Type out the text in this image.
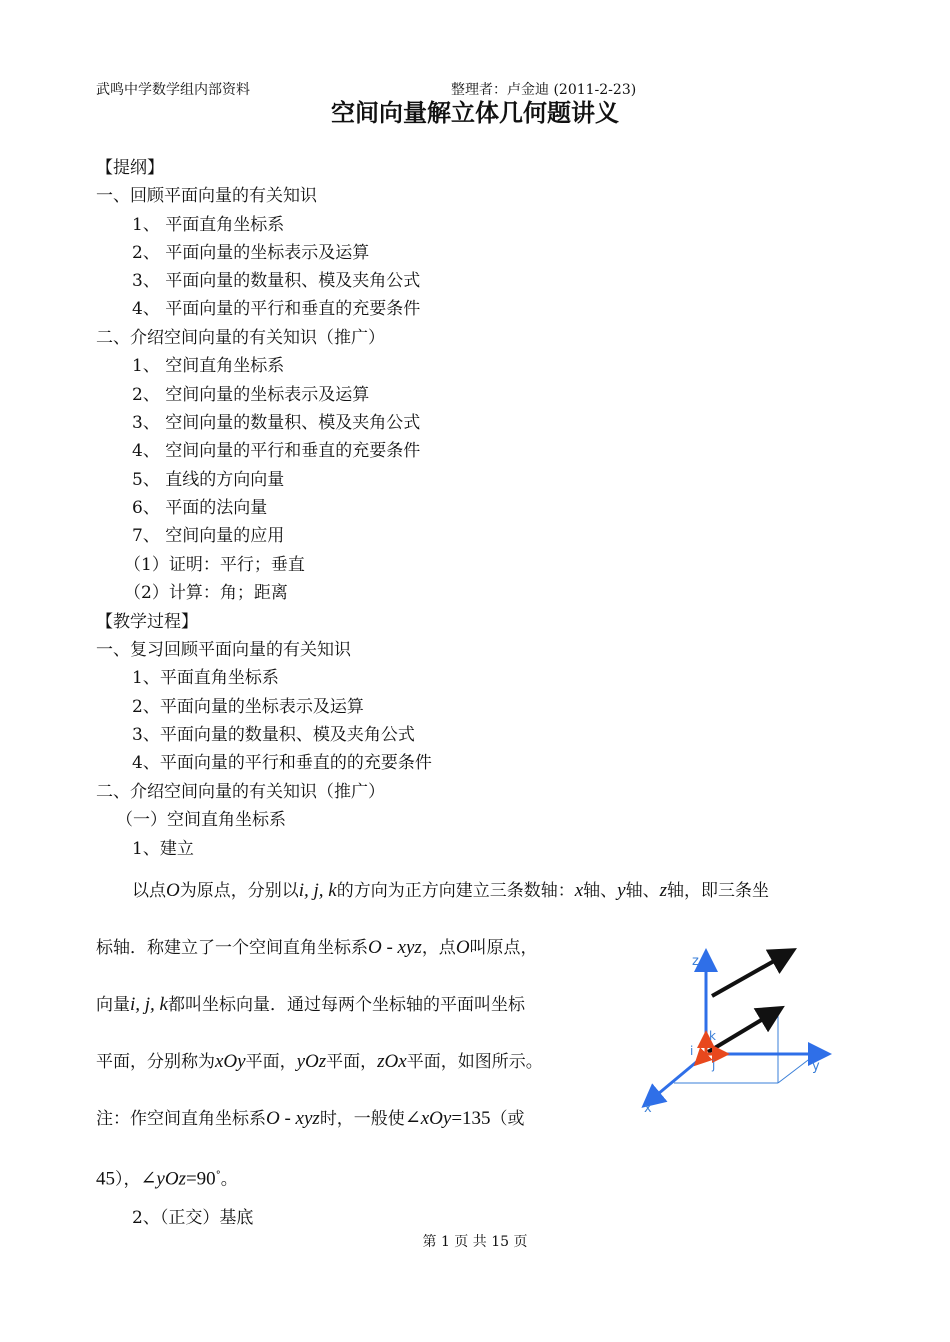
武鸣中学数学组内部资料	整理者：卢金迪 (2011-2-23)
空间向量解立体几何题讲义
【提纲】
一、回顾平面向量的有关知识
1、 平面直角坐标系
2、 平面向量的坐标表示及运算
3、 平面向量的数量积、模及夹角公式
4、 平面向量的平行和垂直的充要条件
二、介绍空间向量的有关知识（推广）
1、 空间直角坐标系
2、 空间向量的坐标表示及运算
3、 空间向量的数量积、模及夹角公式
4、 空间向量的平行和垂直的充要条件
5、 直线的方向向量
6、 平面的法向量
7、 空间向量的应用
（1）证明：平行；垂直
（2）计算：角；距离
【教学过程】
一、复习回顾平面向量的有关知识
1、平面直角坐标系
2、平面向量的坐标表示及运算
3、平面向量的数量积、模及夹角公式
4、平面向量的平行和垂直的的充要条件
二、介绍空间向量的有关知识（推广）
（一）空间直角坐标系
1、建立
以点O为原点，分别以i, j, k的方向为正方向建立三条数轴：x轴、y轴、z轴，即三条坐
标轴．称建立了一个空间直角坐标系O - xyz，点O叫原点，
向量i, j, k都叫坐标向量．通过每两个坐标轴的平面叫坐标
平面，分别称为xOy平面，yOz平面，zOx平面，如图所示。
注：作空间直角坐标系O - xyz时，一般使∠xOy=135（或
45），∠yOz=90°。
2、（正交）基底
z
y
x
k
j
i
第 1 页 共 15 页
